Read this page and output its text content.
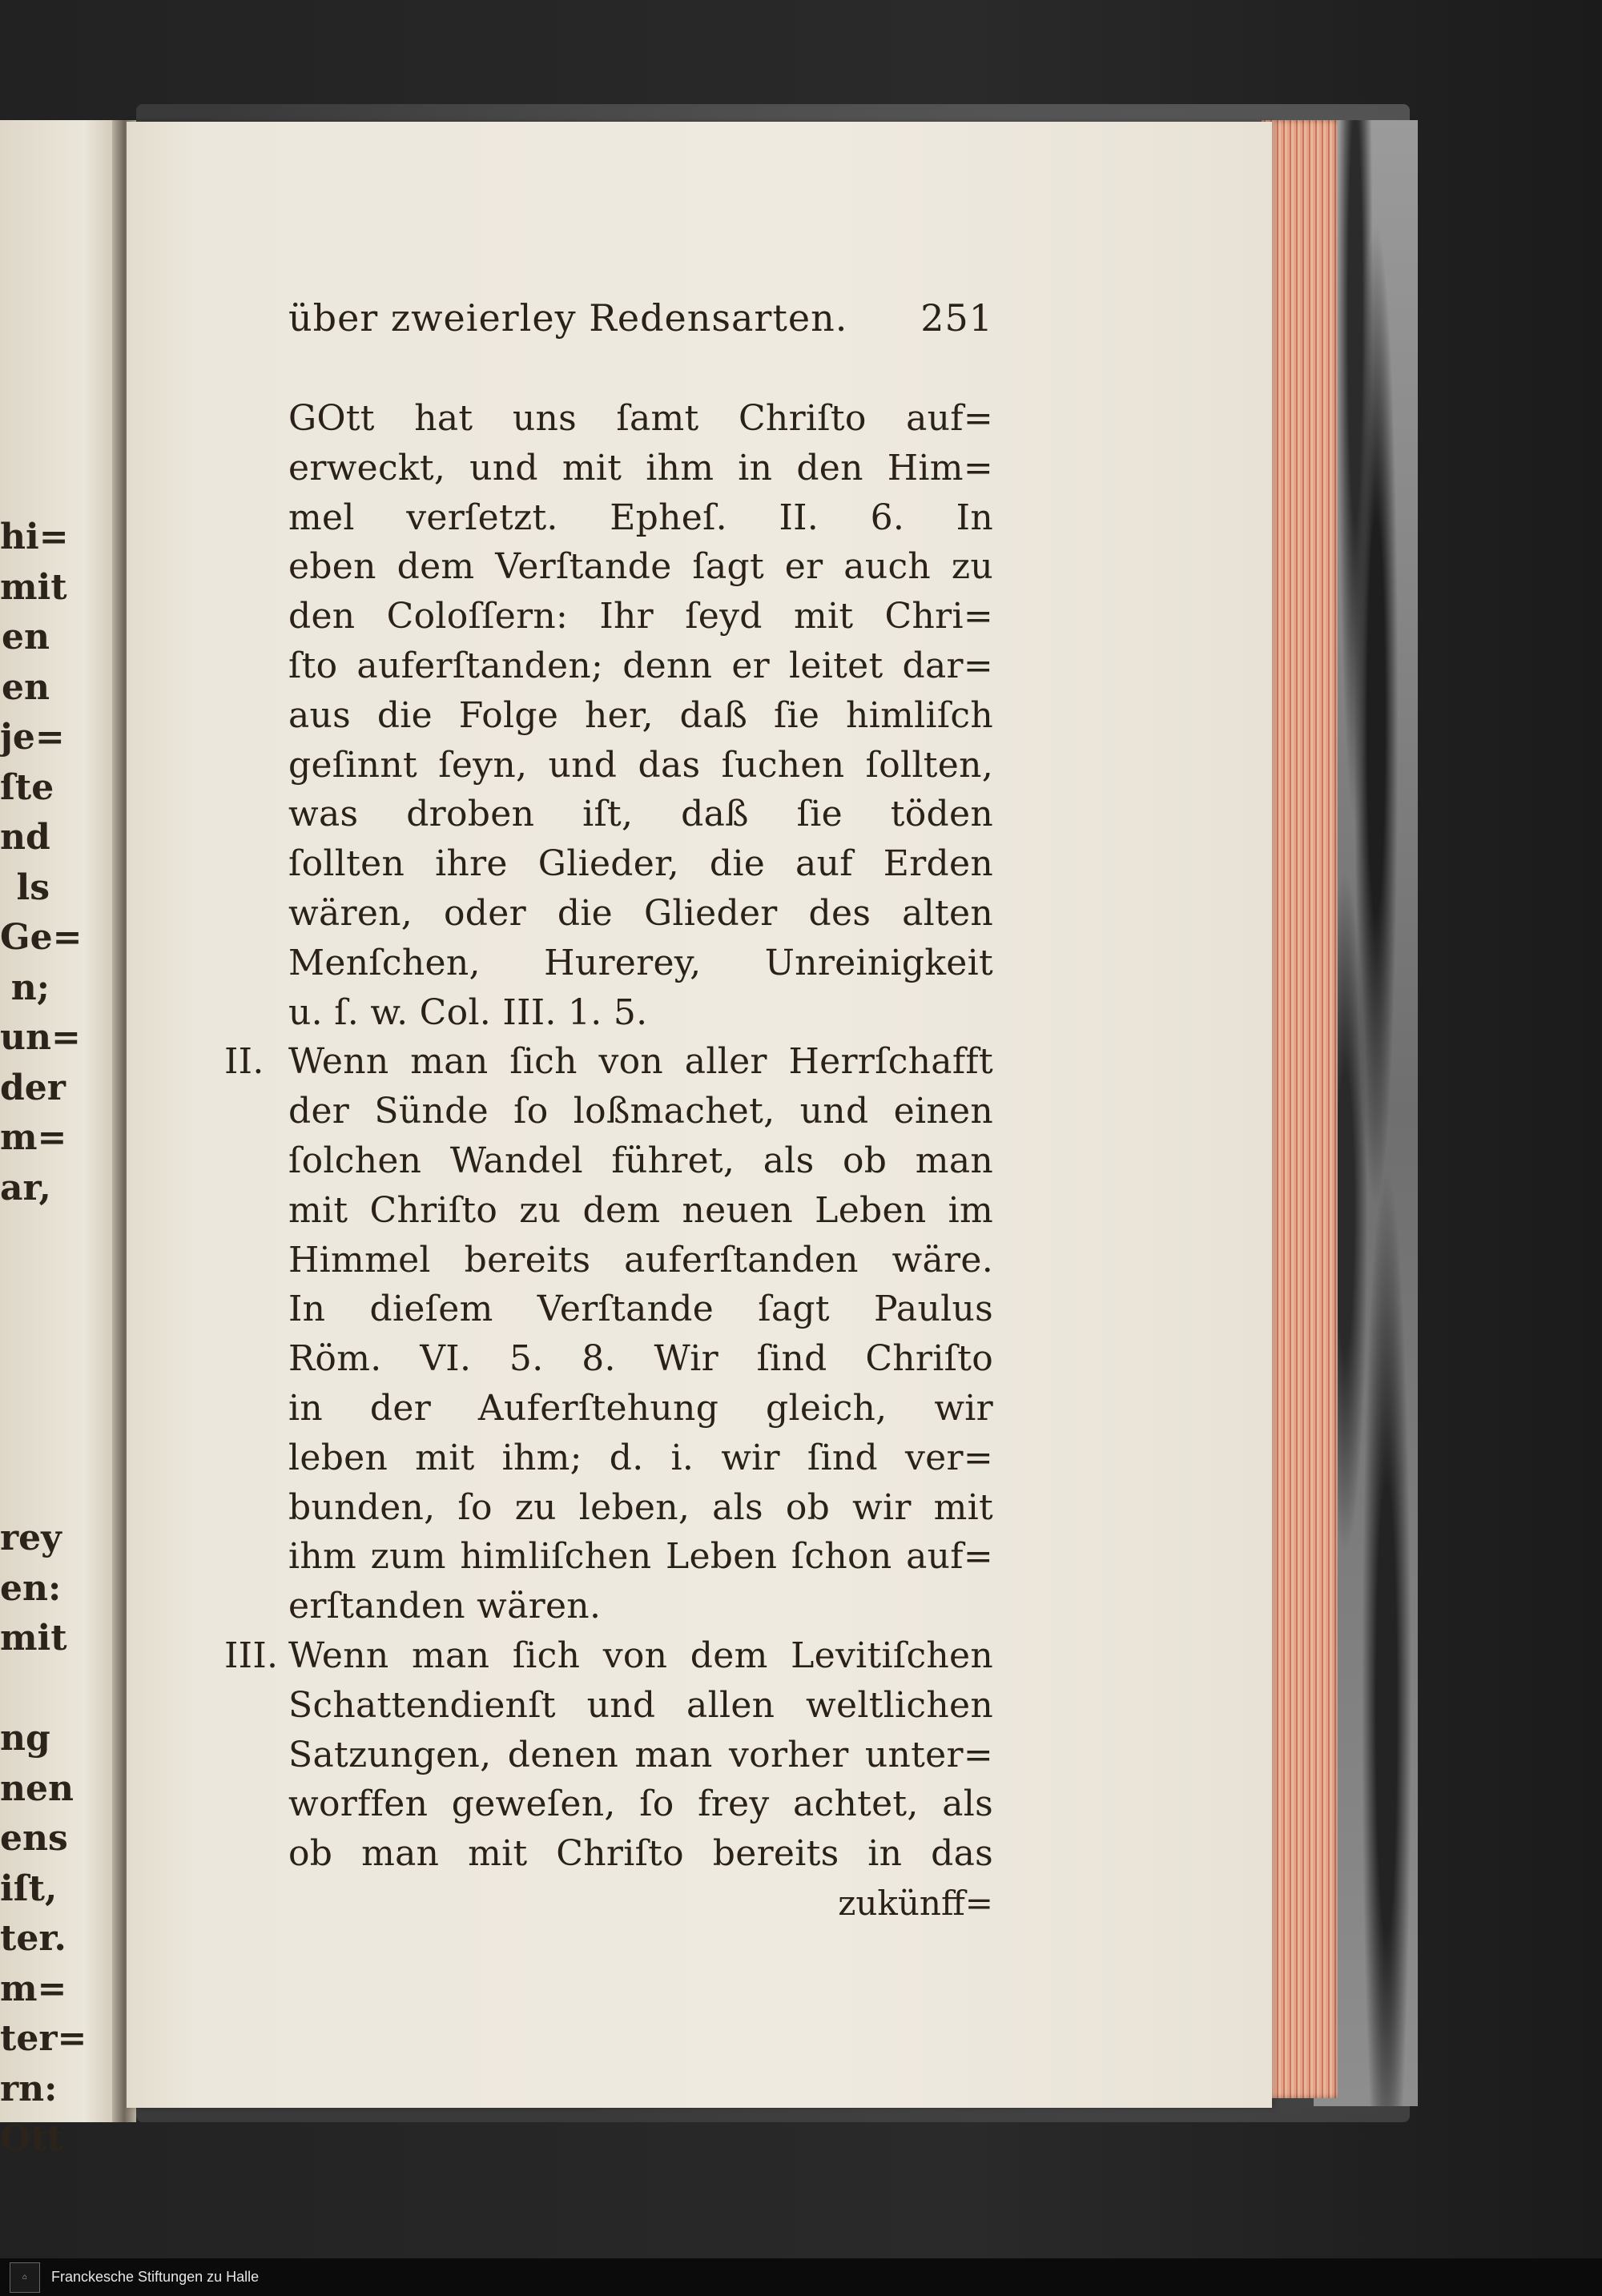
hi=
mit
en
en
je=
ſte
nd
ls
Ge=
n;
un=
der
m=
ar,
rey
en:
mit
ng
nen
ens
iſt,
ter.
m=
ter=
rn:
Ott
über zweierley Redensarten. 251
GOtt hat uns ſamt Chriſto auf=
erweckt, und mit ihm in den Him=
mel verſetzt. Epheſ. II. 6. In
eben dem Verſtande ſagt er auch zu
den Coloſſern: Ihr ſeyd mit Chri=
ſto auferſtanden; denn er leitet dar=
aus die Folge her, daß ſie himliſch
geſinnt ſeyn, und das ſuchen ſollten,
was droben iſt, daß ſie töden
ſollten ihre Glieder, die auf Erden
wären, oder die Glieder des alten
Menſchen, Hurerey, Unreinigkeit
u. ſ. w. Col. III. 1. 5.
II. Wenn man ſich von aller Herrſchafft
der Sünde ſo loßmachet, und einen
ſolchen Wandel führet, als ob man
mit Chriſto zu dem neuen Leben im
Himmel bereits auferſtanden wäre.
In dieſem Verſtande ſagt Paulus
Röm. VI. 5. 8. Wir ſind Chriſto
in der Auferſtehung gleich, wir
leben mit ihm; d. i. wir ſind ver=
bunden, ſo zu leben, als ob wir mit
ihm zum himliſchen Leben ſchon auf=
erſtanden wären.
III. Wenn man ſich von dem Levitiſchen
Schattendienſt und allen weltlichen
Satzungen, denen man vorher unter=
worffen geweſen, ſo frey achtet, als
ob man mit Chriſto bereits in das
zukünff=
⌂	Franckesche Stiftungen zu Halle
